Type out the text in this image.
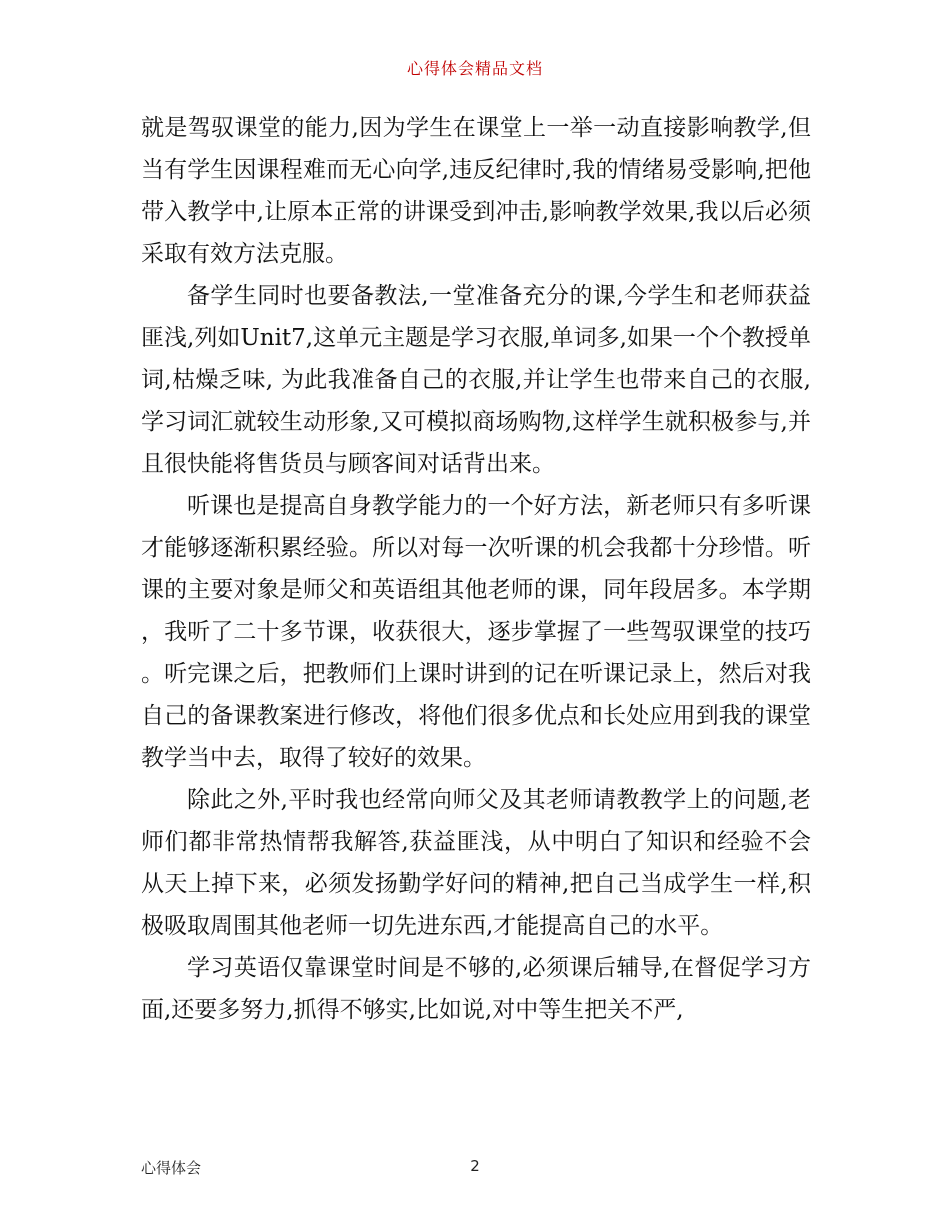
心得体会精品文档

就是驾驭课堂的能力,因为学生在课堂上一举一动直接影响教学,但当有学生因课程难而无心向学,违反纪律时,我的情绪易受影响,把他带入教学中,让原本正常的讲课受到冲击,影响教学效果,我以后必须采取有效方法克服。

备学生同时也要备教法,一堂准备充分的课,今学生和老师获益匪浅,列如Unit7,这单元主题是学习衣服,单词多,如果一个个教授单词,枯燥乏味, 为此我准备自己的衣服,并让学生也带来自己的衣服,学习词汇就较生动形象,又可模拟商场购物,这样学生就积极参与,并且很快能将售货员与顾客间对话背出来。

听课也是提高自身教学能力的一个好方法，新老师只有多听课才能够逐渐积累经验。所以对每一次听课的机会我都十分珍惜。听课的主要对象是师父和英语组其他老师的课，同年段居多。本学期，我听了二十多节课，收获很大，逐步掌握了一些驾驭课堂的技巧。听完课之后，把教师们上课时讲到的记在听课记录上，然后对我自己的备课教案进行修改，将他们很多优点和长处应用到我的课堂教学当中去，取得了较好的效果。

除此之外,平时我也经常向师父及其老师请教教学上的问题,老师们都非常热情帮我解答,获益匪浅，从中明白了知识和经验不会从天上掉下来，必须发扬勤学好问的精神,把自己当成学生一样,积极吸取周围其他老师一切先进东西,才能提高自己的水平。

学习英语仅靠课堂时间是不够的,必须课后辅导,在督促学习方面,还要多努力,抓得不够实,比如说,对中等生把关不严,

心得体会	2
